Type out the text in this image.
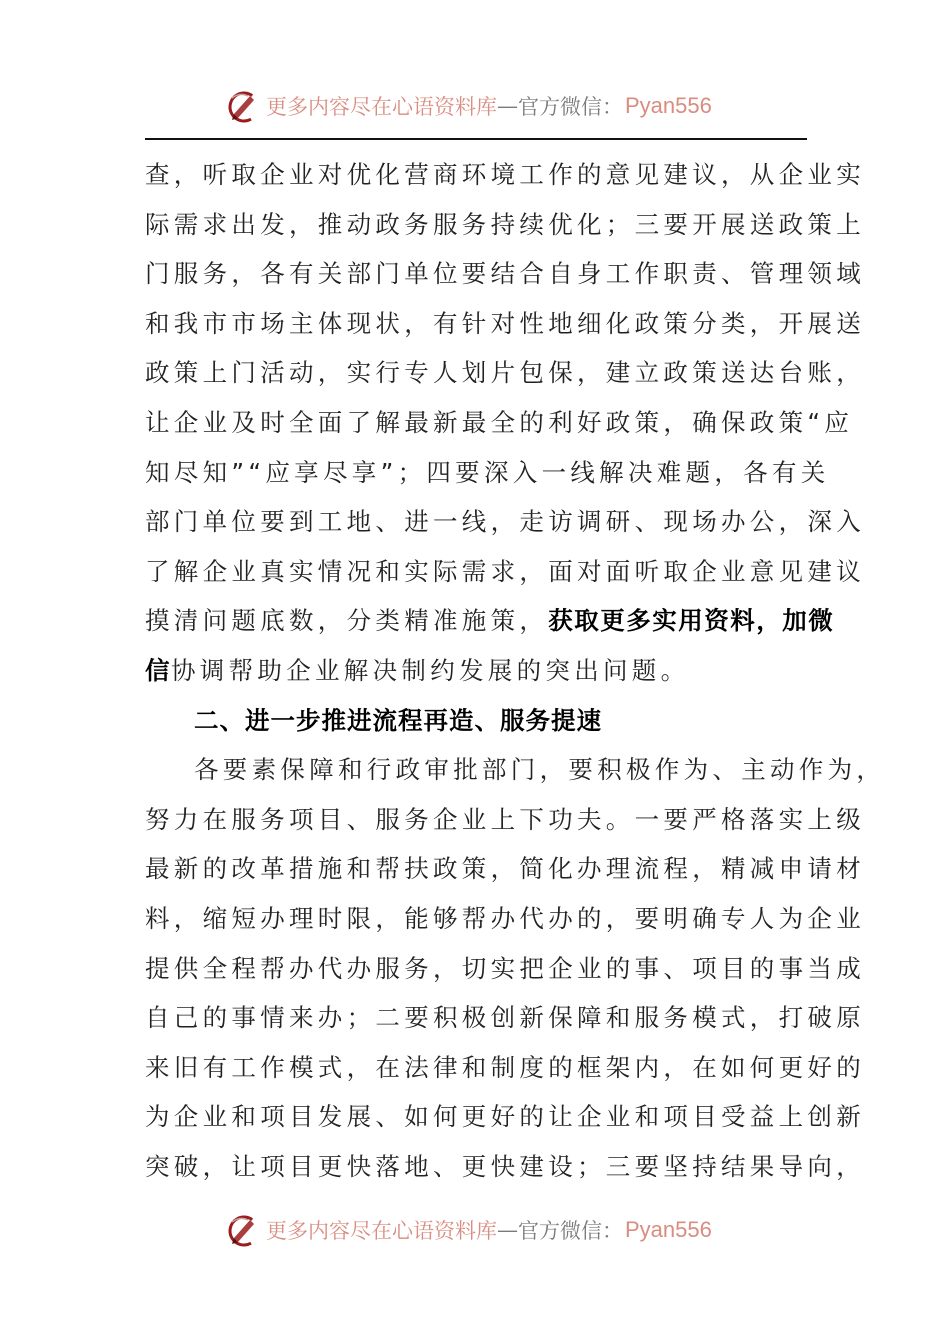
更多内容尽在心语资料库 — 官方微信： Pyan556
查，听取企业对优化营商环境工作的意见建议，从企业实
际需求出发，推动政务服务持续优化；三要开展送政策上
门服务，各有关部门单位要结合自身工作职责、管理领域
和我市市场主体现状，有针对性地细化政策分类，开展送
政策上门活动，实行专人划片包保，建立政策送达台账，
让企业及时全面了解最新最全的利好政策，确保政策“应
知尽知”“应享尽享”；四要深入一线解决难题，各有关
部门单位要到工地、进一线，走访调研、现场办公，深入
了解企业真实情况和实际需求，面对面听取企业意见建议
摸清问题底数，分类精准施策，获取更多实用资料，加微
信协调帮助企业解决制约发展的突出问题。
二、进一步推进流程再造、服务提速
各要素保障和行政审批部门，要积极作为、主动作为，
努力在服务项目、服务企业上下功夫。一要严格落实上级
最新的改革措施和帮扶政策，简化办理流程，精减申请材
料，缩短办理时限，能够帮办代办的，要明确专人为企业
提供全程帮办代办服务，切实把企业的事、项目的事当成
自己的事情来办；二要积极创新保障和服务模式，打破原
来旧有工作模式，在法律和制度的框架内，在如何更好的
为企业和项目发展、如何更好的让企业和项目受益上创新
突破，让项目更快落地、更快建设；三要坚持结果导向，
更多内容尽在心语资料库 — 官方微信： Pyan556
